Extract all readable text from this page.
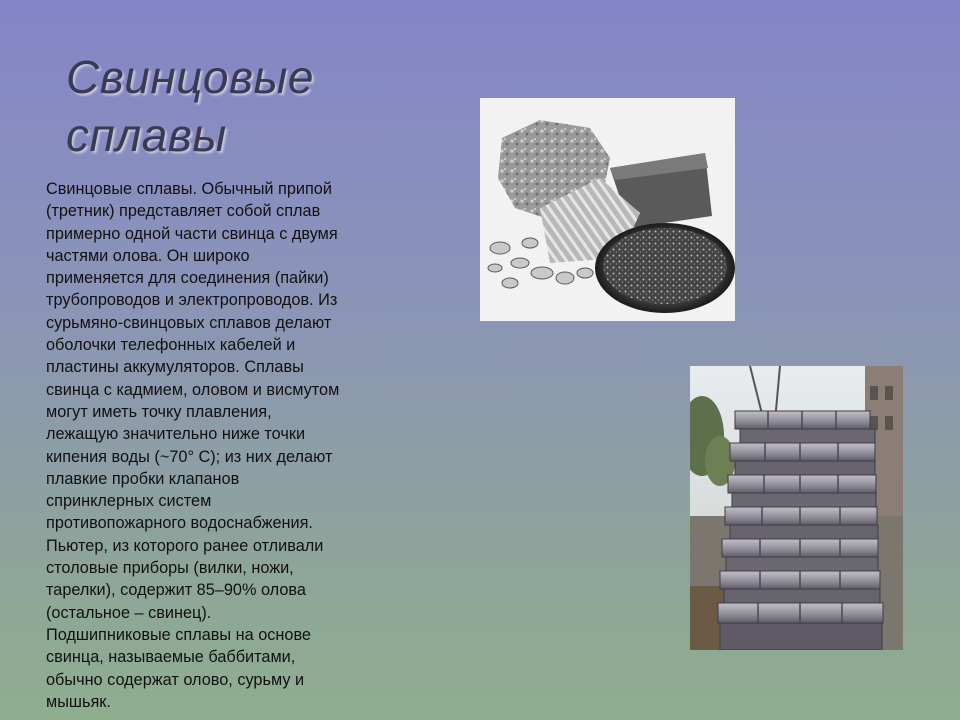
Свинцовые
сплавы
Свинцовые сплавы. Обычный припой
(третник) представляет собой сплав
примерно одной части свинца с двумя
частями олова. Он широко
применяется для соединения (пайки)
трубопроводов и электропроводов. Из
сурьмяно-свинцовых сплавов делают
оболочки телефонных кабелей и
пластины аккумуляторов. Сплавы
свинца с кадмием, оловом и висмутом
могут иметь точку плавления,
лежащую значительно ниже точки
кипения воды (~70° С); из них делают
плавкие пробки клапанов
спринклерных систем
противопожарного водоснабжения.
Пьютер, из которого ранее отливали
столовые приборы (вилки, ножи,
тарелки), содержит 85–90% олова
(остальное – свинец).
Подшипниковые сплавы на основе
свинца, называемые баббитами,
обычно содержат олово, сурьму и
мышьяк.
